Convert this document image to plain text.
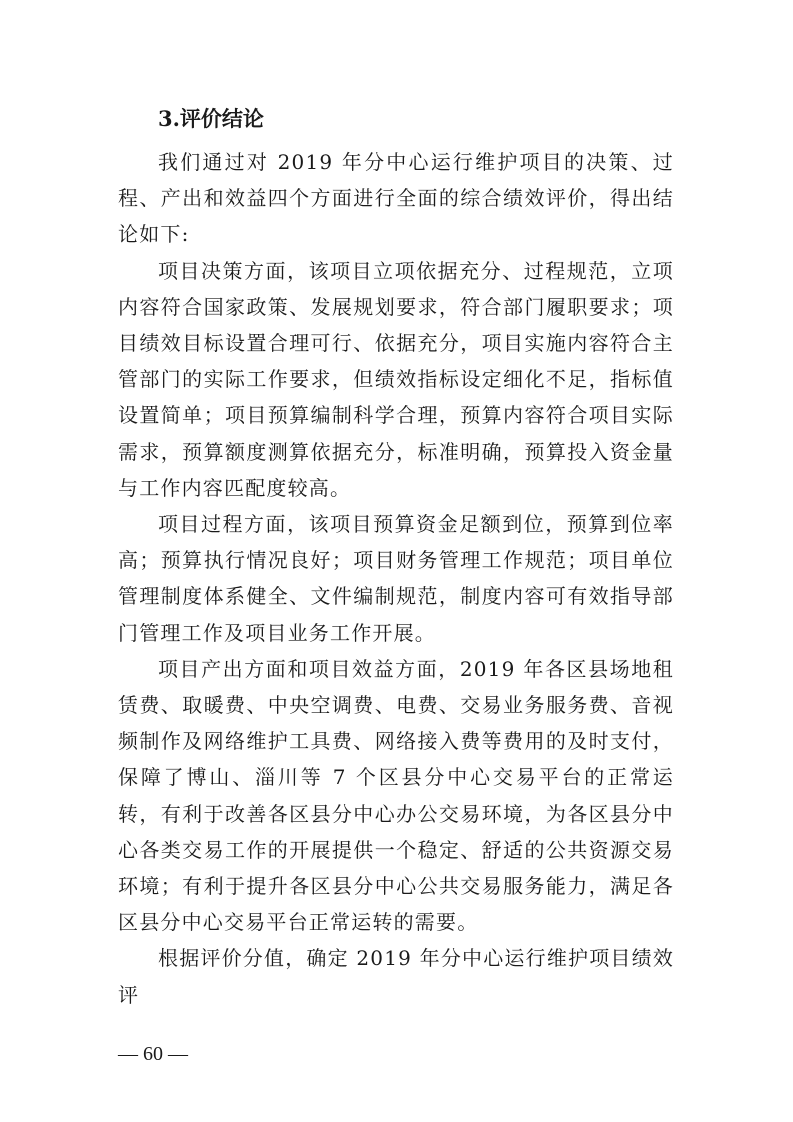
3.评价结论

我们通过对 2019 年分中心运行维护项目的决策、过程、产出和效益四个方面进行全面的综合绩效评价，得出结论如下:

项目决策方面，该项目立项依据充分、过程规范，立项内容符合国家政策、发展规划要求，符合部门履职要求；项目绩效目标设置合理可行、依据充分，项目实施内容符合主管部门的实际工作要求，但绩效指标设定细化不足，指标值设置简单；项目预算编制科学合理，预算内容符合项目实际需求，预算额度测算依据充分，标准明确，预算投入资金量与工作内容匹配度较高。

项目过程方面，该项目预算资金足额到位，预算到位率高；预算执行情况良好；项目财务管理工作规范；项目单位管理制度体系健全、文件编制规范，制度内容可有效指导部门管理工作及项目业务工作开展。

项目产出方面和项目效益方面，2019 年各区县场地租赁费、取暖费、中央空调费、电费、交易业务服务费、音视频制作及网络维护工具费、网络接入费等费用的及时支付，保障了博山、淄川等 7 个区县分中心交易平台的正常运转，有利于改善各区县分中心办公交易环境，为各区县分中心各类交易工作的开展提供一个稳定、舒适的公共资源交易环境；有利于提升各区县分中心公共交易服务能力，满足各区县分中心交易平台正常运转的需要。

根据评价分值，确定 2019 年分中心运行维护项目绩效评

— 60 —
